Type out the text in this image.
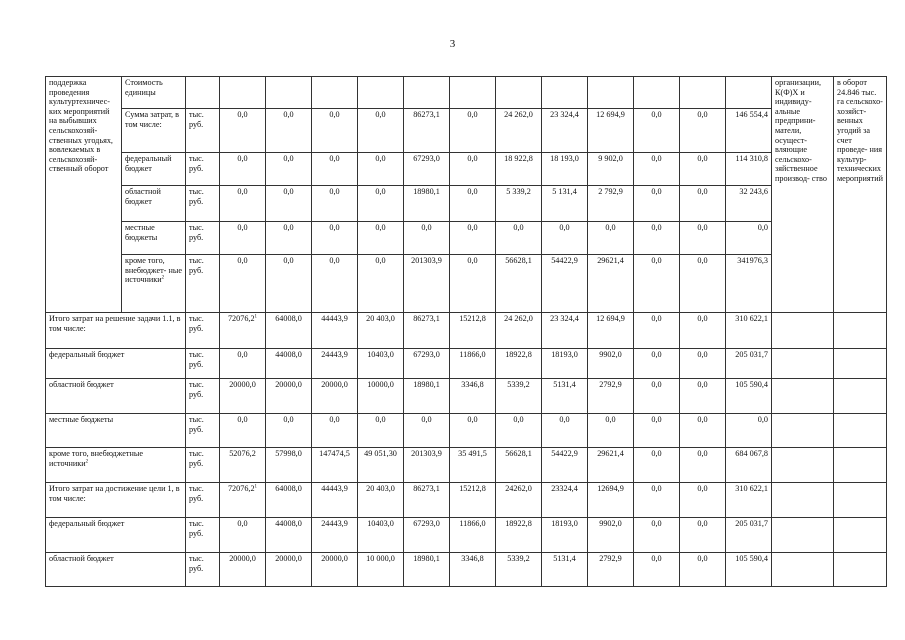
3
поддержка проведения культуртехничес- ких мероприятий на выбывших сельскохозяй- ственных угодьях, вовлекаемых в сельскохозяй- ственный оборот	Стоимость единицы														организации, К(Ф)Х и индивиду- альные предприни- матели, осущест- вляющие сельскохо- зяйственное производ- ство	в оборот 24.846 тыс. га сельскохо- хозяйст- венных угодий за счет проведе- ния культур- технических мероприятий
	Сумма затрат, в том числе:	тыс. руб.	0,0	0,0	0,0	0,0	86273,1	0,0	24 262,0	23 324,4	12 694,9	0,0	0,0	146 554,4		
	федеральный бюджет	тыс. руб.	0,0	0,0	0,0	0,0	67293,0	0,0	18 922,8	18 193,0	9 902,0	0,0	0,0	114 310,8		
	областной бюджет	тыс. руб.	0,0	0,0	0,0	0,0	18980,1	0,0	5 339,2	5 131,4	2 792,9	0,0	0,0	32 243,6		
	местные бюджеты	тыс. руб.	0,0	0,0	0,0	0,0	0,0	0,0	0,0	0,0	0,0	0,0	0,0	0,0		
	кроме того, внебюджет- ные источники$^2$	тыс. руб.	0,0	0,0	0,0	0,0	201303,9	0,0	56628,1	54422,9	29621,4	0,0	0,0	341976,3		
Итого затрат на решение задачи 1.1, в том числе:		тыс. руб.	72076,2$^1$	64008,0	44443,9	20 403,0	86273,1	15212,8	24 262,0	23 324,4	12 694,9	0,0	0,0	310 622,1		
федеральный бюджет		тыс. руб.	0,0	44008,0	24443,9	10403,0	67293,0	11866,0	18922,8	18193,0	9902,0	0,0	0,0	205 031,7		
областной бюджет		тыс. руб.	20000,0	20000,0	20000,0	10000,0	18980,1	3346,8	5339,2	5131,4	2792,9	0,0	0,0	105 590,4		
местные бюджеты		тыс. руб.	0,0	0,0	0,0	0,0	0,0	0,0	0,0	0,0	0,0	0,0	0,0	0,0		
кроме того, внебюджетные источники$^2$		тыс. руб.	52076,2	57998,0	147474,5	49 051,30	201303,9	35 491,5	56628,1	54422,9	29621,4	0,0	0,0	684 067,8		
Итого затрат на достижение цели 1, в том числе:		тыс. руб.	72076,2$^1$	64008,0	44443,9	20 403,0	86273,1	15212,8	24262,0	23324,4	12694,9	0,0	0,0	310 622,1		
федеральный бюджет		тыс. руб.	0,0	44008,0	24443,9	10403,0	67293,0	11866,0	18922,8	18193,0	9902,0	0,0	0,0	205 031,7		
областной бюджет		тыс. руб.	20000,0	20000,0	20000,0	10 000,0	18980,1	3346,8	5339,2	5131,4	2792,9	0,0	0,0	105 590,4		
